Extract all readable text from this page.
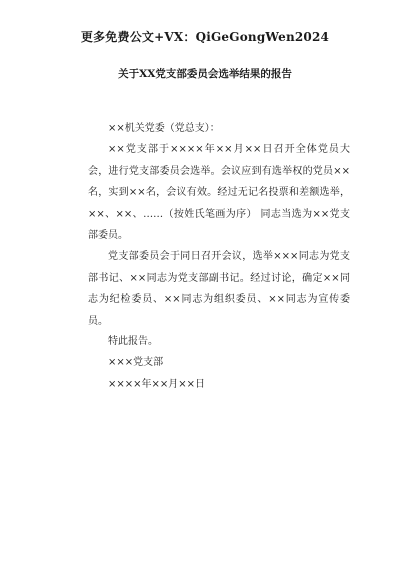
更多免费公文+VX：QiGeGongWen2024
关于XX党支部委员会选举结果的报告

××机关党委（党总支）：

××党支部于××××年××月××日召开全体党员大会，进行党支部委员会选举。会议应到有选举权的党员××名，实到××名，会议有效。经过无记名投票和差额选举，××、××、……（按姓氏笔画为序） 同志当选为××党支部委员。

党支部委员会于同日召开会议，选举×××同志为党支部书记、××同志为党支部副书记。经过讨论，确定××同志为纪检委员、××同志为组织委员、××同志为宣传委员。

特此报告。

×××党支部

××××年××月××日
